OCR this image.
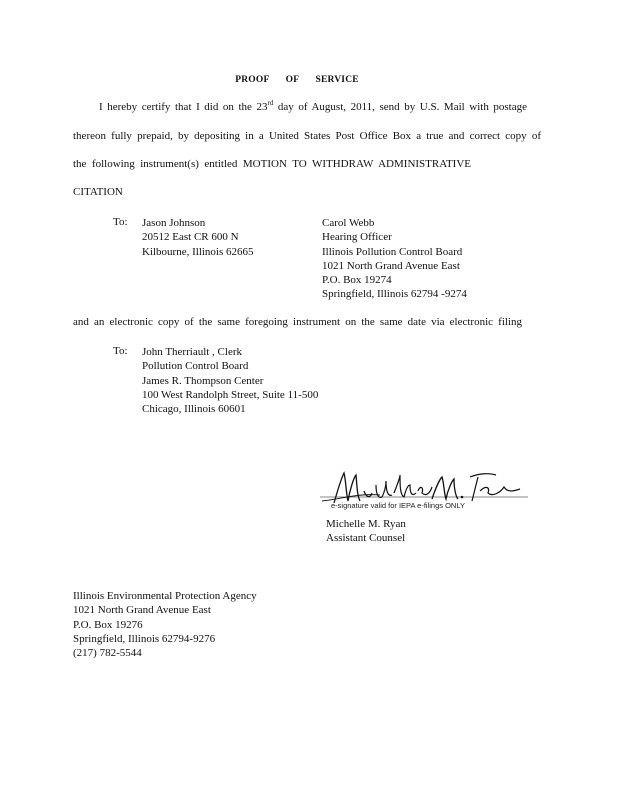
PROOF OF SERVICE
I hereby certify that I did on the 23rd day of August, 2011, send by U.S. Mail with postage
thereon fully prepaid, by depositing in a United States Post Office Box a true and correct copy of
the following instrument(s) entitled MOTION TO WITHDRAW ADMINISTRATIVE
CITATION
To: Jason Johnson
20512 East CR 600 N
Kilbourne, Illinois 62665
Carol Webb
Hearing Officer
Illinois Pollution Control Board
1021 North Grand Avenue East
P.O. Box 19274
Springfield, Illinois 62794 -9274
and an electronic copy of the same foregoing instrument on the same date via electronic filing
To: John Therriault , Clerk
Pollution Control Board
James R. Thompson Center
100 West Randolph Street, Suite 11-500
Chicago, Illinois 60601
e-signature valid for IEPA e-filings ONLY
Michelle M. Ryan
Assistant Counsel
Illinois Environmental Protection Agency
1021 North Grand Avenue East
P.O. Box 19276
Springfield, Illinois 62794-9276
(217) 782-5544
